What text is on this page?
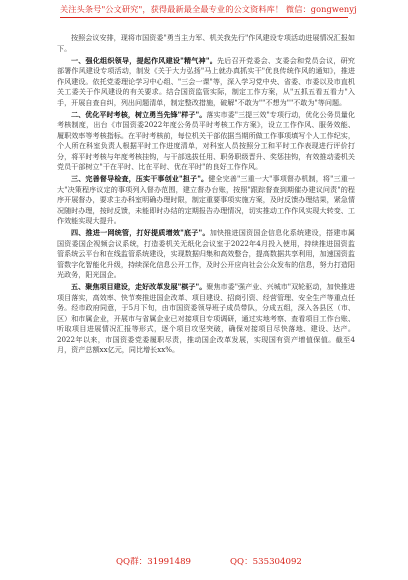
关注头条号"公文研究"，获得最新最全最专业的公文资料库！ 微信：gongwenyj

按照会议安排，现将市国资委"勇当主力军、机关我先行"作风建设专项活动进展情况汇报如下。

一、强化组织领导，提起作风建设"精气神"。先后召开党委会、支委会和党员会议，研究部署作风建设专项活动，制发《关于大力弘扬"马上就办真抓实干"优良传统作风的通知》，推进作风建设。依托党委理论学习中心组、"三会一课"等，深入学习党中央、省委、市委以及市直机关工委关于作风建设的有关要求。结合国资监管实际，制定工作方案，从"五抓五看五看力"入手，开展自查自纠，列出问题清单，制定整改措施，破解"不敢为""不想为""不敢为"等问题。

二、优化平时考核，树立勇当先锋"样子"。落实市委"三提三效"专项行动，优化公务员量化考核制度，出台《市国资委2022年度公务员平时考核工作方案》，设立工作作风、服务效能、履职效率等考核指标。在平时考核前，每位机关干部依据当期所做工作事项填写个人工作纪实，个人所在科室负责人根据平时工作进度清单，对科室人员按照分工和平时工作表现进行评价打分，将平时考核与年度考核挂钩，与干部选拔任用、职务职级晋升、奖惩挂钩，有效推动委机关党员干部树立"干在平时、比在平时、优在平时"的良好工作作风。

三、完善督导检查，压实干事创业"担子"。健全完善"三重一大"事项督办机制，将"三重一大"决策程序议定的事项列入督办范围，建立督办台账，按照"跟踪督查到期催办建议问责"的程序开展督办，要求主办科室明确办理时限，制定重要事项实施方案，及时反馈办理结果，紧急情况随时办理，按时反馈，未能即时办结的定期报告办理情况，切实推动工作作风实现大转变、工作效能实现大提升。

四、推进一网统管，打好提质增效"底子"。加快推进国资国企信息化系统建设，搭建市属国资委国企视频会议系统，打造委机关无纸化会议室于2022年4月投入使用，持续推进国资监管系统云平台和在线监管系统建设，实现数据归集和高效整合，提高数据共享利用，加速国资监管数字化智能化升级，持续深化信息公开工作，及时公开应向社会公众发布的信息，努力打造阳光政务，阳光国企。

五、聚焦项目建设，走好改革发展"棋子"。聚焦市委"强产业、兴城市"双轮驱动，加快推进项目落实，高效率、快节奏推进国企改革、项目建设、招商引资、经营管理、安全生产等重点任务。经市政府同意，于5月下旬，由市国资委领导班子成员带队，分成五组，深入各县区（市、区）和市属企业，开展市与省属企业已对接项目专项调研，通过实地考察、查看项目工作台账、听取项目进展情况汇报等形式，逐个项目攻坚突破，确保对接项目尽快落地、建设、达产。2022年以来，市国资委党委履职尽责，推动国企改革发展，实现国有资产增值保值。截至4月，资产总额xx亿元，同比增长xx%。

QQ群：31991489	QQ：535304092
